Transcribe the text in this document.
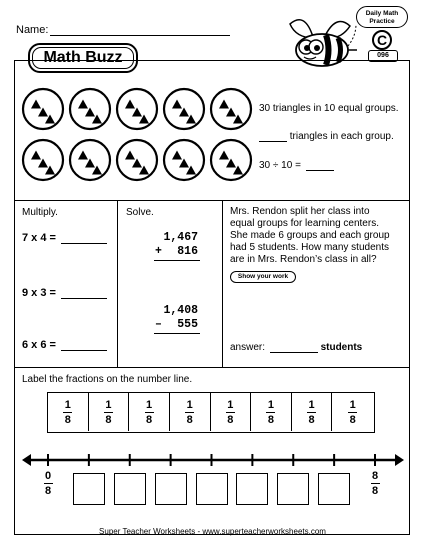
Name:
Math Buzz
Daily Math
Practice
C
096
30 triangles in 10 equal groups.
triangles in each group.
30 ÷ 10 =
Multiply.
7 x 4 =
9 x 3 =
6 x 6 =
Solve.
1,467
+	816
1,408
–	555
Mrs. Rendon split her class into
equal groups for learning centers.
She made 6 groups and each group
had 5 students. How many students
are in Mrs. Rendon’s class in all?
Show your work
answer:	students
Label the fractions on the number line.
1
8
1
8
1
8
1
8
1
8
1
8
1
8
1
8
0
8
8
8
Super Teacher Worksheets - www.superteacherworksheets.com
